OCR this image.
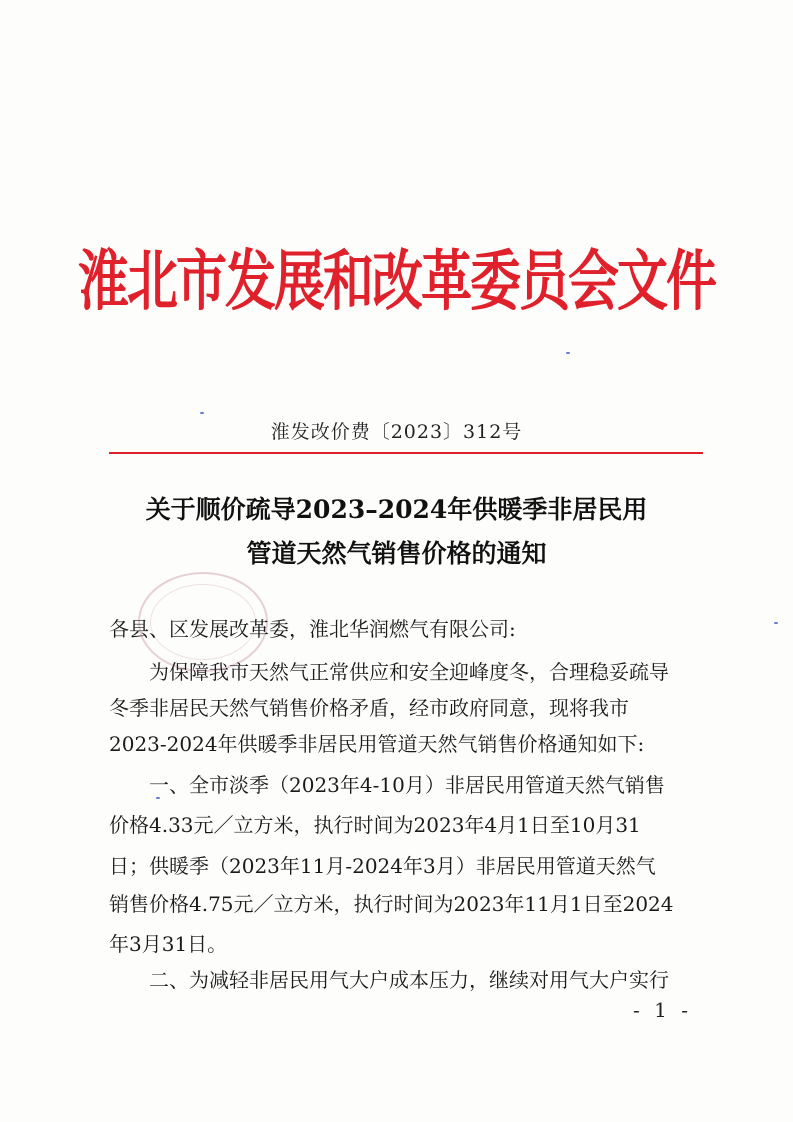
淮北市发展和改革委员会文件
淮发改价费〔2023〕312号
关于顺价疏导2023–2024年供暖季非居民用
管道天然气销售价格的通知
各县、区发展改革委，淮北华润燃气有限公司:
为保障我市天然气正常供应和安全迎峰度冬，合理稳妥疏导
冬季非居民天然气销售价格矛盾，经市政府同意，现将我市
2023-2024年供暖季非居民用管道天然气销售价格通知如下:
一、全市淡季（2023年4-10月）非居民用管道天然气销售
价格4.33元／立方米，执行时间为2023年4月1日至10月31
日；供暖季（2023年11月-2024年3月）非居民用管道天然气
销售价格4.75元／立方米，执行时间为2023年11月1日至2024
年3月31日。
二、为减轻非居民用气大户成本压力，继续对用气大户实行
- 1 -
